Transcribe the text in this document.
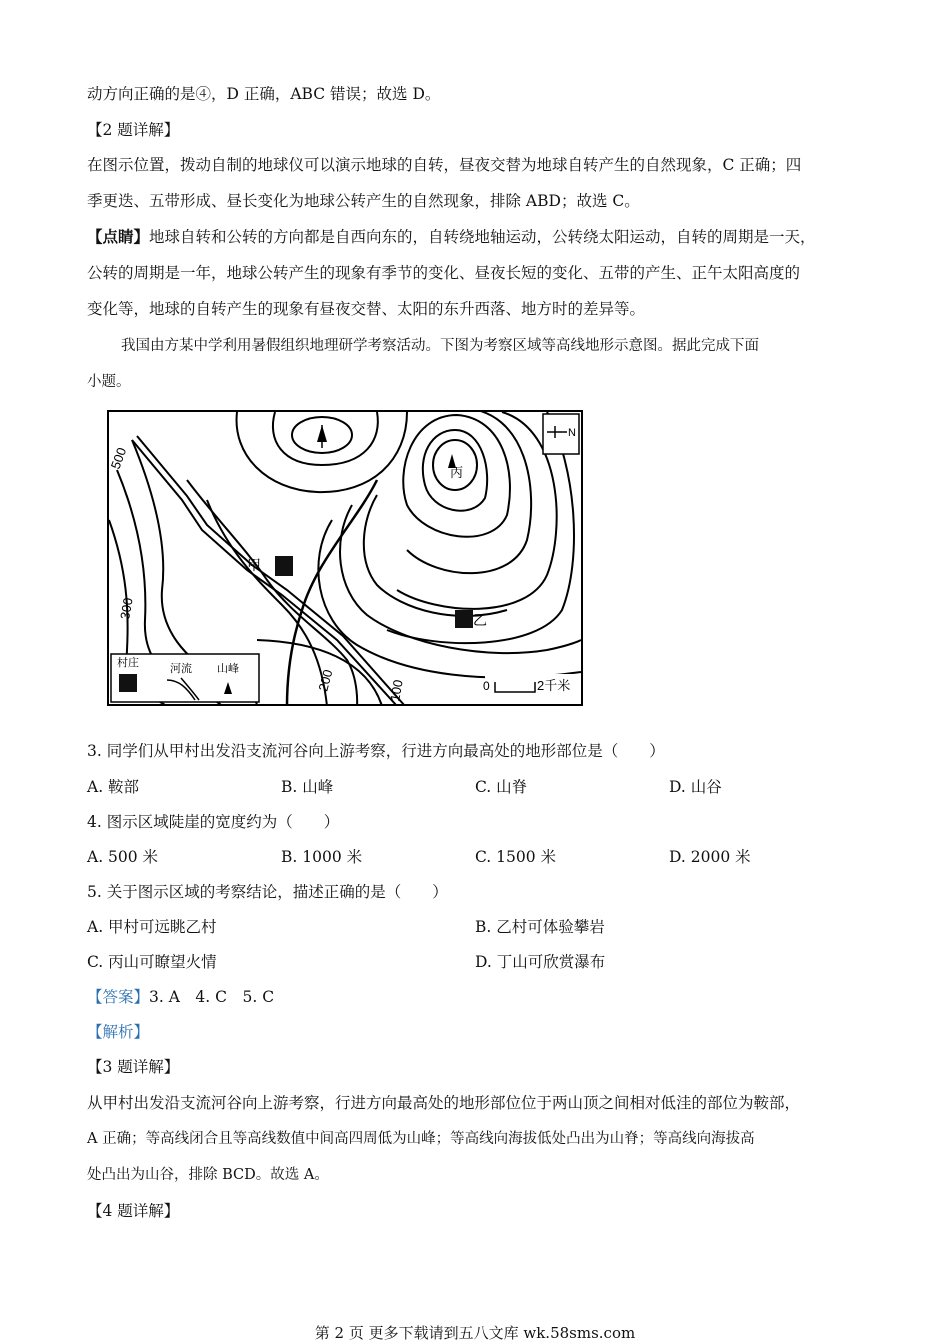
动方向正确的是④，D 正确，ABC 错误；故选 D。
【2 题详解】
在图示位置，拨动自制的地球仪可以演示地球的自转，昼夜交替为地球自转产生的自然现象，C 正确；四
季更迭、五带形成、昼长变化为地球公转产生的自然现象，排除 ABD；故选 C。
【点睛】地球自转和公转的方向都是自西向东的，自转绕地轴运动，公转绕太阳运动，自转的周期是一天，
公转的周期是一年，地球公转产生的现象有季节的变化、昼夜长短的变化、五带的产生、正午太阳高度的
变化等，地球的自转产生的现象有昼夜交替、太阳的东升西落、地方时的差异等。
我国由方某中学利用暑假组织地理研学考察活动。下图为考察区域等高线地形示意图。据此完成下面
小题。
500
300
200	100
丙
甲
乙
N
村庄	河流 山峰
0	2千米
3. 同学们从甲村出发沿支流河谷向上游考察，行进方向最高处的地形部位是（　　）
A. 鞍部	B. 山峰	C. 山脊	D. 山谷
4. 图示区域陡崖的宽度约为（　　）
A. 500 米	B. 1000 米	C. 1500 米	D. 2000 米
5. 关于图示区域的考察结论，描述正确的是（　　）
A. 甲村可远眺乙村	B. 乙村可体验攀岩
C. 丙山可瞭望火情	D. 丁山可欣赏瀑布
【答案】3. A　4. C　5. C
【解析】
【3 题详解】
从甲村出发沿支流河谷向上游考察，行进方向最高处的地形部位位于两山顶之间相对低洼的部位为鞍部，
A 正确；等高线闭合且等高线数值中间高四周低为山峰；等高线向海拔低处凸出为山脊；等高线向海拔高
处凸出为山谷，排除 BCD。故选 A。
【4 题详解】
第 2 页 更多下载请到五八文库 wk.58sms.com
